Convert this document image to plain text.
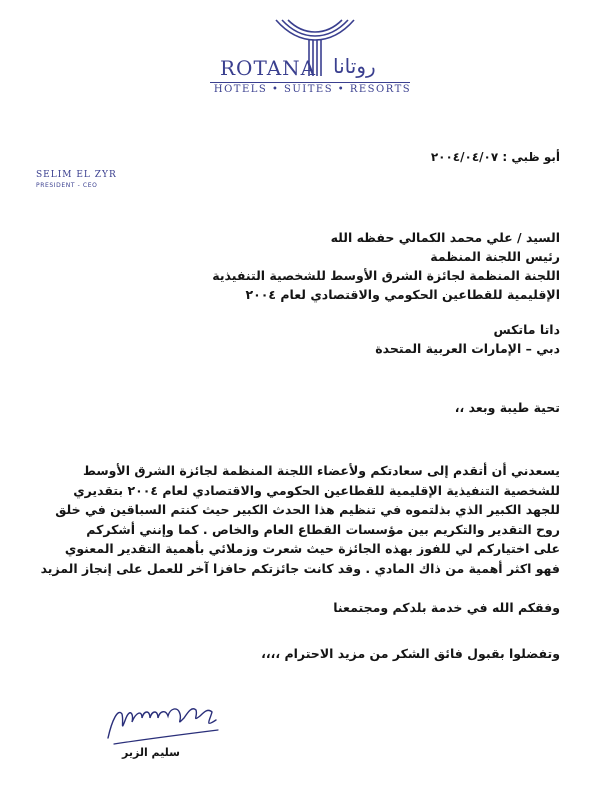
ROTANA روتانا
HOTELS • SUITES • RESORTS
SELIM EL ZYR
PRESIDENT - CEO
أبو ظبي : ٢٠٠٤/٠٤/٠٧
السيد / علي محمد الكمالي حفظه الله
رئيس اللجنة المنظمة
اللجنة المنظمة لجائزة الشرق الأوسط للشخصية التنفيذية
الإقليمية للقطاعين الحكومي والاقتصادي لعام ٢٠٠٤
داتا ماتكس
دبي – الإمارات العربية المتحدة
تحية طيبة وبعد ،،
يسعدني أن أتقدم إلى سعادتكم ولأعضاء اللجنة المنظمة لجائزة الشرق الأوسط
للشخصية التنفيذية الإقليمية للقطاعين الحكومي والاقتصادي لعام ٢٠٠٤ بتقديري
للجهد الكبير الذي بذلتموه في تنظيم هذا الحدث الكبير حيث كنتم السباقين في خلق
روح التقدير والتكريم بين مؤسسات القطاع العام والخاص . كما وإنني أشكركم
على اختياركم لي للفوز بهذه الجائزة حيث شعرت وزملائي بأهمية التقدير المعنوي
فهو اكثر أهمية من ذاك المادي . وقد كانت جائزتكم حافزا آخر للعمل على إنجاز المزيد
وفقكم الله في خدمة بلدكم ومجتمعنا
وتفضلوا بقبول فائق الشكر من مزيد الاحترام ،،،،
سليم الزير
